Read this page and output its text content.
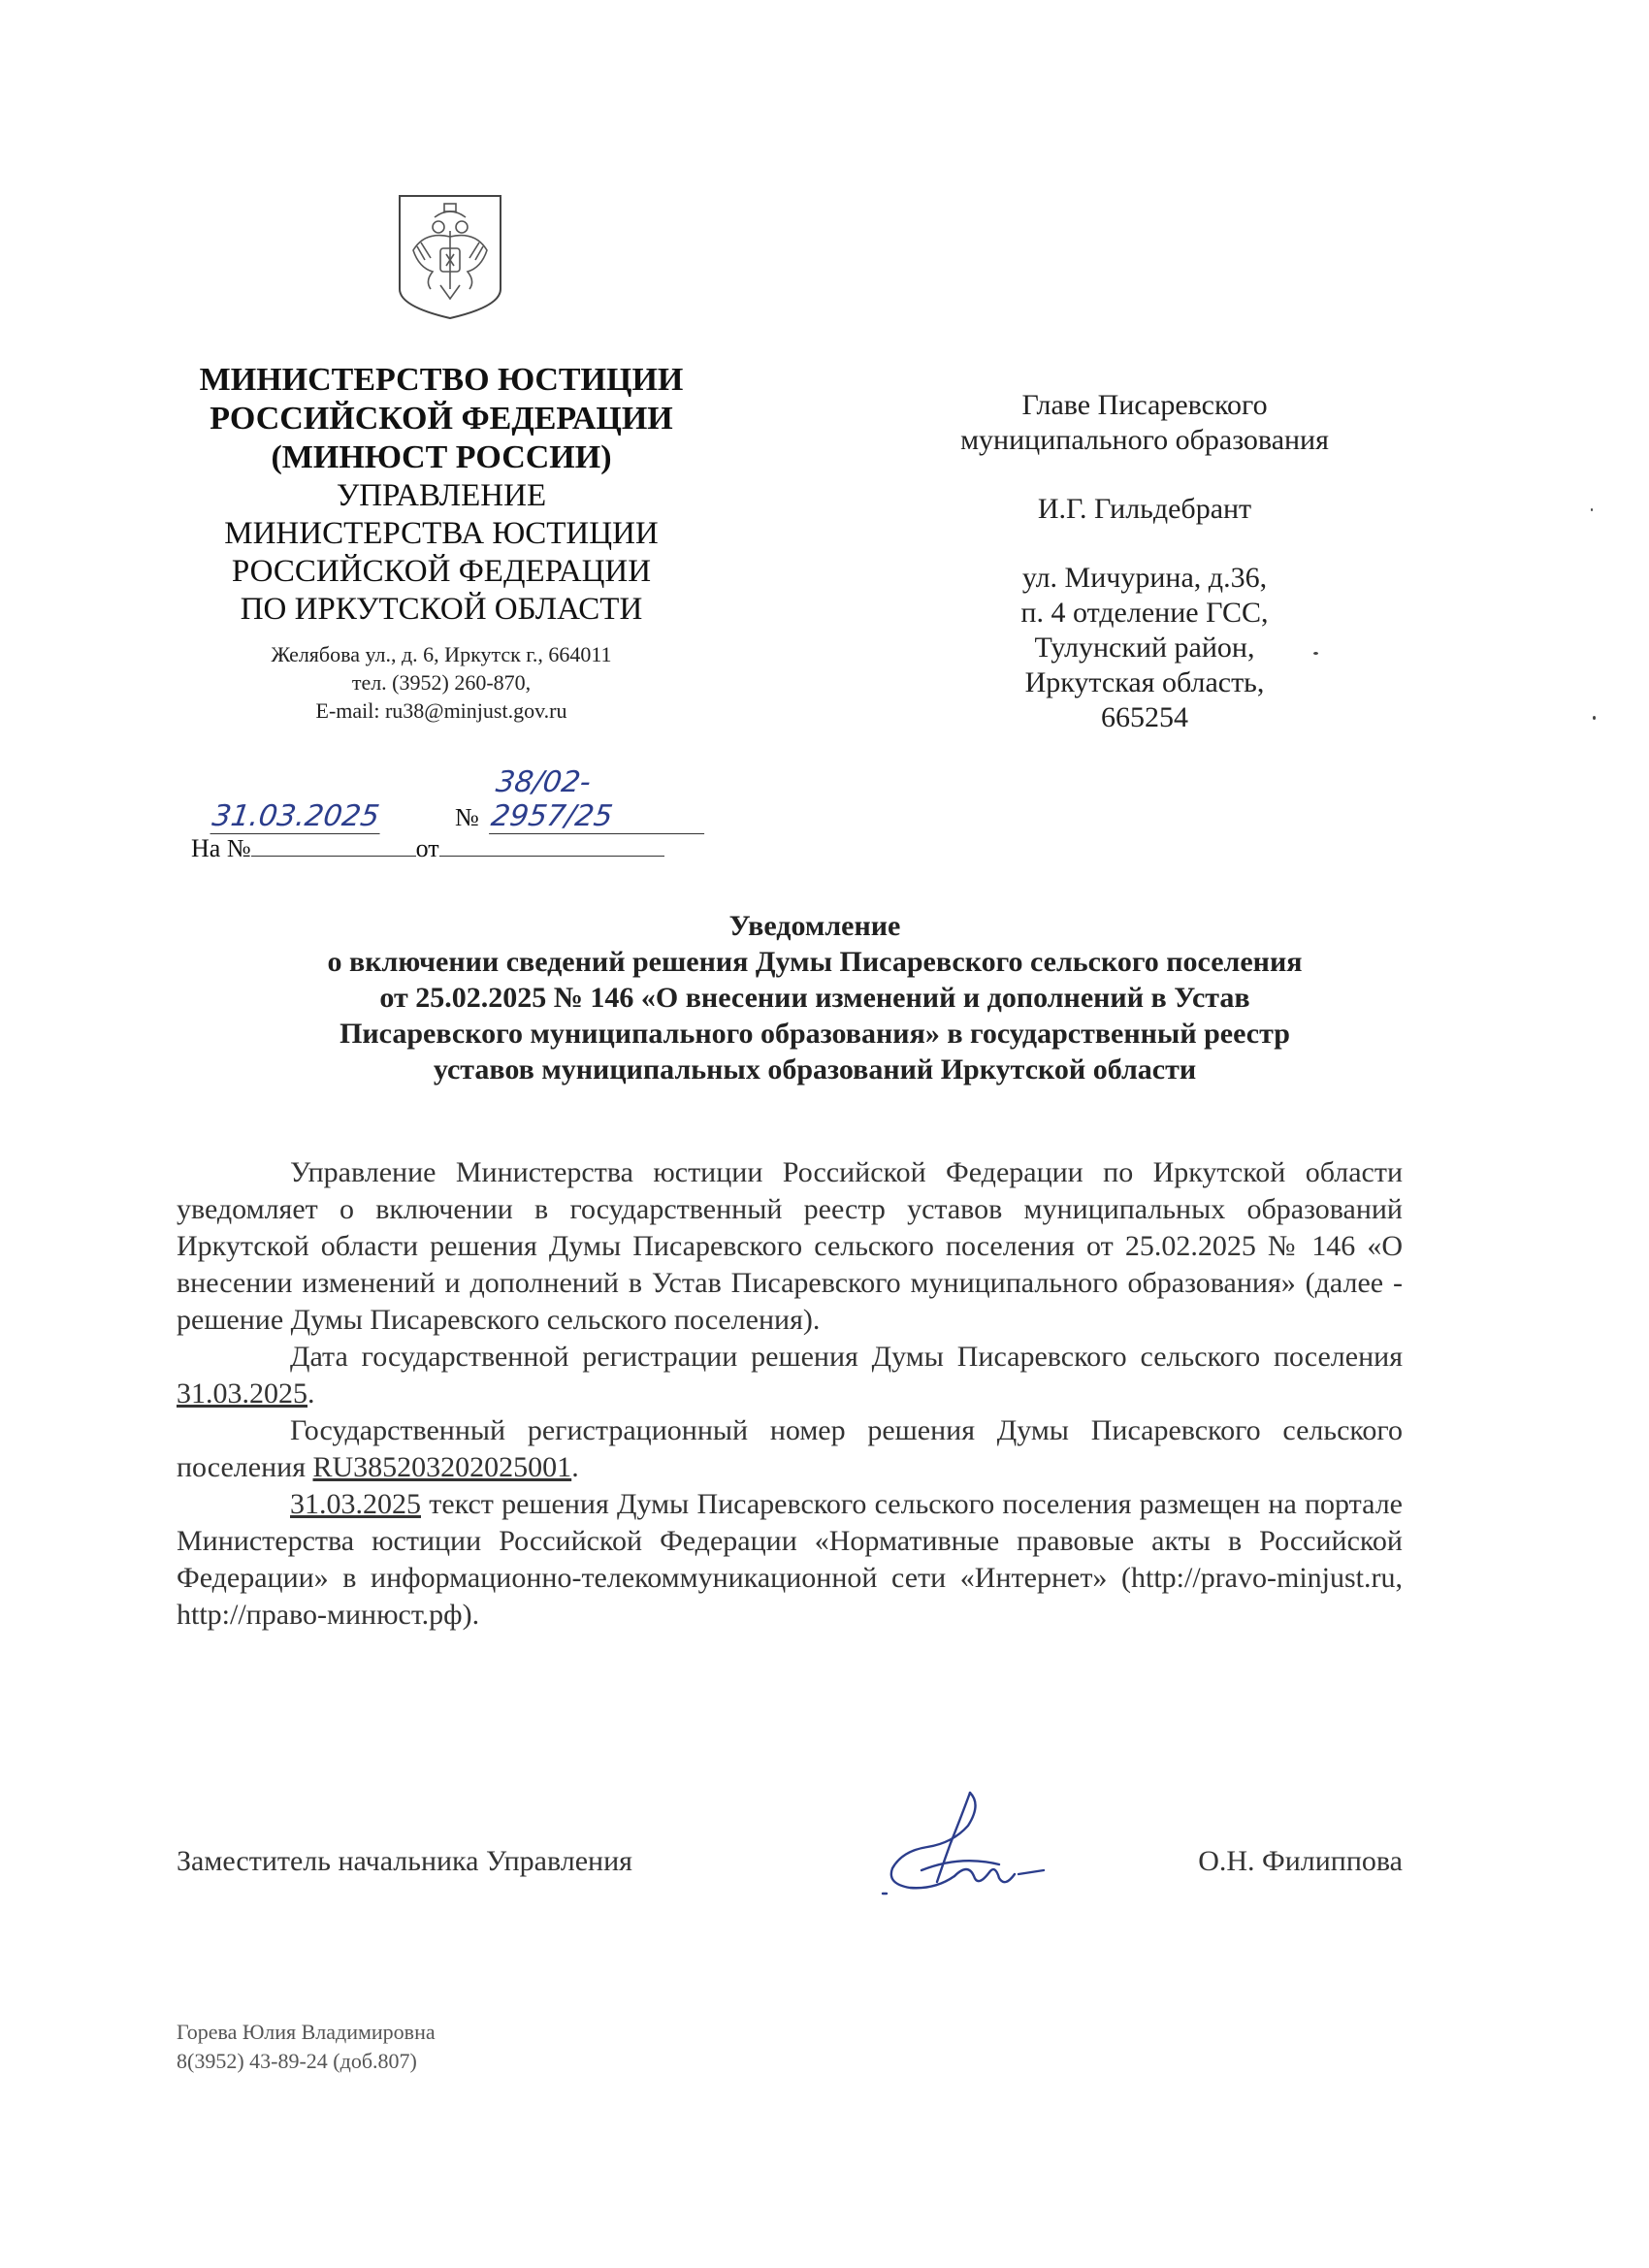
МИНИСТЕРСТВО ЮСТИЦИИ
РОССИЙСКОЙ ФЕДЕРАЦИИ
(МИНЮСТ РОССИИ)
УПРАВЛЕНИЕ
МИНИСТЕРСТВА ЮСТИЦИИ
РОССИЙСКОЙ ФЕДЕРАЦИИ
ПО ИРКУТСКОЙ ОБЛАСТИ
Желябова ул., д. 6, Иркутск г., 664011
тел. (3952) 260-870,
E-mail: ru38@minjust.gov.ru
31.03.2025	№
38/02-2957/25
На №	от
Главе Писаревского
муниципального образования
И.Г. Гильдебрант
ул. Мичурина, д.36,
п. 4 отделение ГСС,
Тулунский район,
Иркутская область,
665254
Уведомление
о включении сведений решения Думы Писаревского сельского поселения
от 25.02.2025 № 146 «О внесении изменений и дополнений в Устав
Писаревского муниципального образования» в государственный реестр
уставов муниципальных образований Иркутской области

Управление Министерства юстиции Российской Федерации по Иркутской области уведомляет о включении в государственный реестр уставов муниципальных образований Иркутской области решения Думы Писаревского сельского поселения от 25.02.2025 № 146 «О внесении изменений и дополнений в Устав Писаревского муниципального образования» (далее - решение Думы Писаревского сельского поселения).

Дата государственной регистрации решения Думы Писаревского сельского поселения 31.03.2025.

Государственный регистрационный номер решения Думы Писаревского сельского поселения RU385203202025001.

31.03.2025 текст решения Думы Писаревского сельского поселения размещен на портале Министерства юстиции Российской Федерации «Нормативные правовые акты в Российской Федерации» в информационно-телекоммуникационной сети «Интернет» (http://pravo-minjust.ru, http://право-минюст.рф).

Заместитель начальника Управления	О.Н. Филиппова
Горева Юлия Владимировна
8(3952) 43-89-24 (доб.807)
